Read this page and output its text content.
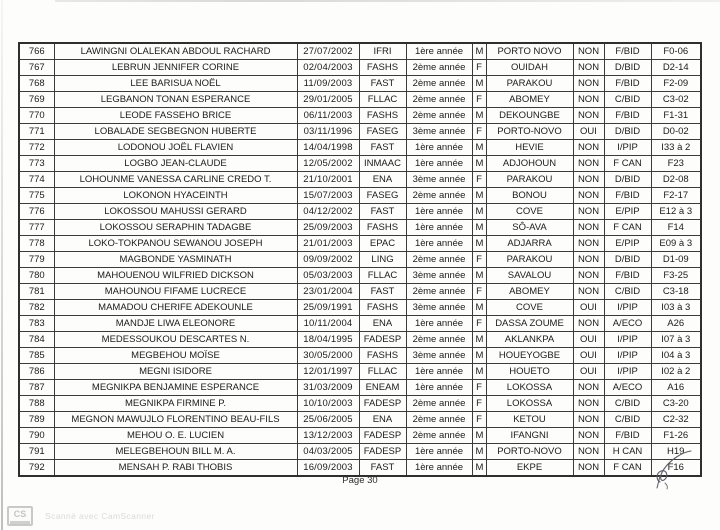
766	LAWINGNI OLALEKAN ABDOUL RACHARD	27/07/2002	IFRI	1ère année	M	PORTO NOVO	NON	F/BID	F0-06
767	LEBRUN JENNIFER CORINE	02/04/2003	FASHS	2ème année	F	OUIDAH	NON	D/BID	D2-14
768	LEE BARISUA NOËL	11/09/2003	FAST	2ème année	M	PARAKOU	NON	F/BID	F2-09
769	LEGBANON TONAN ESPERANCE	29/01/2005	FLLAC	2ème année	F	ABOMEY	NON	C/BID	C3-02
770	LEODE FASSEHO BRICE	06/11/2003	FASHS	2ème année	M	DEKOUNGBE	NON	F/BID	F1-31
771	LOBALADE SEGBEGNON HUBERTE	03/11/1996	FASEG	3ème année	F	PORTO-NOVO	OUI	D/BID	D0-02
772	LODONOU JOËL FLAVIEN	14/04/1998	FAST	1ère année	M	HEVIE	NON	I/PIP	I33 à 2
773	LOGBO JEAN-CLAUDE	12/05/2002	INMAAC	1ère année	M	ADJOHOUN	NON	F CAN	F23
774	LOHOUNME VANESSA CARLINE CREDO T.	21/10/2001	ENA	3ème année	F	PARAKOU	NON	D/BID	D2-08
775	LOKONON HYACEINTH	15/07/2003	FASEG	2ème année	M	BONOU	NON	F/BID	F2-17
776	LOKOSSOU MAHUSSI GERARD	04/12/2002	FAST	1ère année	M	COVE	NON	E/PIP	E12 à 3
777	LOKOSSOU SERAPHIN TADAGBE	25/09/2003	FASHS	1ère année	M	SÔ-AVA	NON	F CAN	F14
778	LOKO-TOKPANOU SEWANOU JOSEPH	21/01/2003	EPAC	1ère année	M	ADJARRA	NON	E/PIP	E09 à 3
779	MAGBONDE YASMINATH	09/09/2002	LING	2ème année	F	PARAKOU	NON	D/BID	D1-09
780	MAHOUENOU WILFRIED DICKSON	05/03/2003	FLLAC	3ème année	M	SAVALOU	NON	F/BID	F3-25
781	MAHOUNOU FIFAME LUCRECE	23/01/2004	FAST	2ème année	F	ABOMEY	NON	C/BID	C3-18
782	MAMADOU CHERIFE ADEKOUNLE	25/09/1991	FASHS	3ème année	M	COVE	OUI	I/PIP	I03 à 3
783	MANDJE LIWA ELEONORE	10/11/2004	ENA	1ère année	F	DASSA ZOUME	NON	A/ECO	A26
784	MEDESSOUKOU DESCARTES N.	18/04/1995	FADESP	2ème année	M	AKLANKPA	OUI	I/PIP	I07 à 3
785	MEGBEHOU MOÏSE	30/05/2000	FASHS	3ème année	M	HOUEYOGBE	OUI	I/PIP	I04 à 3
786	MEGNI ISIDORE	12/01/1997	FLLAC	1ère année	M	HOUETO	OUI	I/PIP	I02 à 2
787	MEGNIKPA BENJAMINE ESPERANCE	31/03/2009	ENEAM	1ère année	F	LOKOSSA	NON	A/ECO	A16
788	MEGNIKPA FIRMINE P.	10/10/2003	FADESP	2ème année	F	LOKOSSA	NON	C/BID	C3-20
789	MEGNON MAWUJLO FLORENTINO BEAU-FILS	25/06/2005	ENA	2ème année	F	KETOU	NON	C/BID	C2-32
790	MEHOU O. E. LUCIEN	13/12/2003	FADESP	2ème année	M	IFANGNI	NON	F/BID	F1-26
791	MELEGBEHOUN BILL M. A.	04/03/2005	FADESP	1ère année	M	PORTO-NOVO	NON	H CAN	H19
792	MENSAH P. RABI THOBIS	16/09/2003	FAST	1ère année	M	EKPE	NON	F CAN	F16
Page 30
CS	Scanné avec CamScanner
